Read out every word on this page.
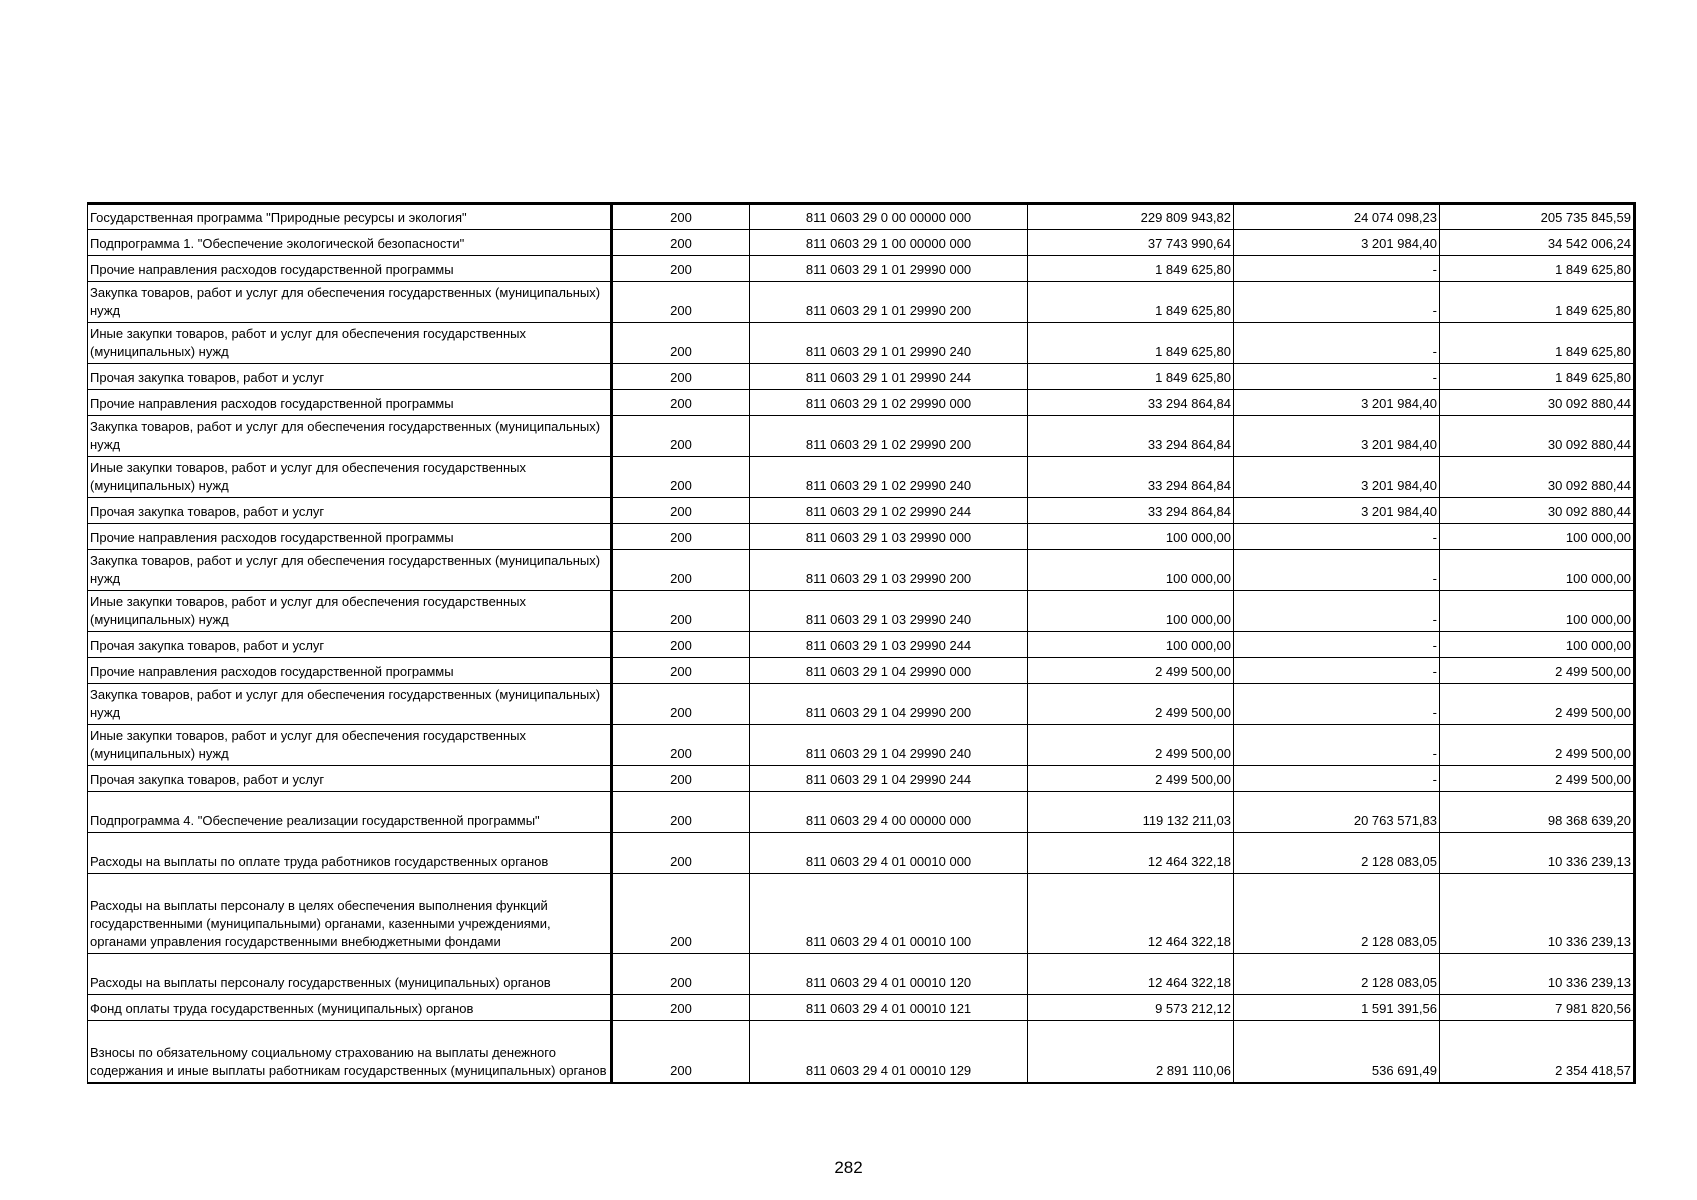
Государственная программа "Природные ресурсы и экология"	200	811 0603 29 0 00 00000 000	229 809 943,82	24 074 098,23	205 735 845,59
Подпрограмма 1. "Обеспечение экологической безопасности"	200	811 0603 29 1 00 00000 000	37 743 990,64	3 201 984,40	34 542 006,24
Прочие направления расходов государственной программы	200	811 0603 29 1 01 29990 000	1 849 625,80	-	1 849 625,80
Закупка товаров, работ и услуг для обеспечения государственных (муниципальных) нужд	200	811 0603 29 1 01 29990 200	1 849 625,80	-	1 849 625,80
Иные закупки товаров, работ и услуг для обеспечения государственных (муниципальных) нужд	200	811 0603 29 1 01 29990 240	1 849 625,80	-	1 849 625,80
Прочая закупка товаров, работ и услуг	200	811 0603 29 1 01 29990 244	1 849 625,80	-	1 849 625,80
Прочие направления расходов государственной программы	200	811 0603 29 1 02 29990 000	33 294 864,84	3 201 984,40	30 092 880,44
Закупка товаров, работ и услуг для обеспечения государственных (муниципальных) нужд	200	811 0603 29 1 02 29990 200	33 294 864,84	3 201 984,40	30 092 880,44
Иные закупки товаров, работ и услуг для обеспечения государственных (муниципальных) нужд	200	811 0603 29 1 02 29990 240	33 294 864,84	3 201 984,40	30 092 880,44
Прочая закупка товаров, работ и услуг	200	811 0603 29 1 02 29990 244	33 294 864,84	3 201 984,40	30 092 880,44
Прочие направления расходов государственной программы	200	811 0603 29 1 03 29990 000	100 000,00	-	100 000,00
Закупка товаров, работ и услуг для обеспечения государственных (муниципальных) нужд	200	811 0603 29 1 03 29990 200	100 000,00	-	100 000,00
Иные закупки товаров, работ и услуг для обеспечения государственных (муниципальных) нужд	200	811 0603 29 1 03 29990 240	100 000,00	-	100 000,00
Прочая закупка товаров, работ и услуг	200	811 0603 29 1 03 29990 244	100 000,00	-	100 000,00
Прочие направления расходов государственной программы	200	811 0603 29 1 04 29990 000	2 499 500,00	-	2 499 500,00
Закупка товаров, работ и услуг для обеспечения государственных (муниципальных) нужд	200	811 0603 29 1 04 29990 200	2 499 500,00	-	2 499 500,00
Иные закупки товаров, работ и услуг для обеспечения государственных (муниципальных) нужд	200	811 0603 29 1 04 29990 240	2 499 500,00	-	2 499 500,00
Прочая закупка товаров, работ и услуг	200	811 0603 29 1 04 29990 244	2 499 500,00	-	2 499 500,00
Подпрограмма 4. "Обеспечение реализации государственной программы"	200	811 0603 29 4 00 00000 000	119 132 211,03	20 763 571,83	98 368 639,20
Расходы на выплаты по оплате труда работников государственных органов	200	811 0603 29 4 01 00010 000	12 464 322,18	2 128 083,05	10 336 239,13
Расходы на выплаты персоналу в целях обеспечения выполнения функций государственными (муниципальными) органами, казенными учреждениями, органами управления государственными внебюджетными фондами	200	811 0603 29 4 01 00010 100	12 464 322,18	2 128 083,05	10 336 239,13
Расходы на выплаты персоналу государственных (муниципальных) органов	200	811 0603 29 4 01 00010 120	12 464 322,18	2 128 083,05	10 336 239,13
Фонд оплаты труда государственных (муниципальных) органов	200	811 0603 29 4 01 00010 121	9 573 212,12	1 591 391,56	7 981 820,56
Взносы по обязательному социальному страхованию на выплаты денежного содержания и иные выплаты работникам государственных (муниципальных) органов	200	811 0603 29 4 01 00010 129	2 891 110,06	536 691,49	2 354 418,57
282
